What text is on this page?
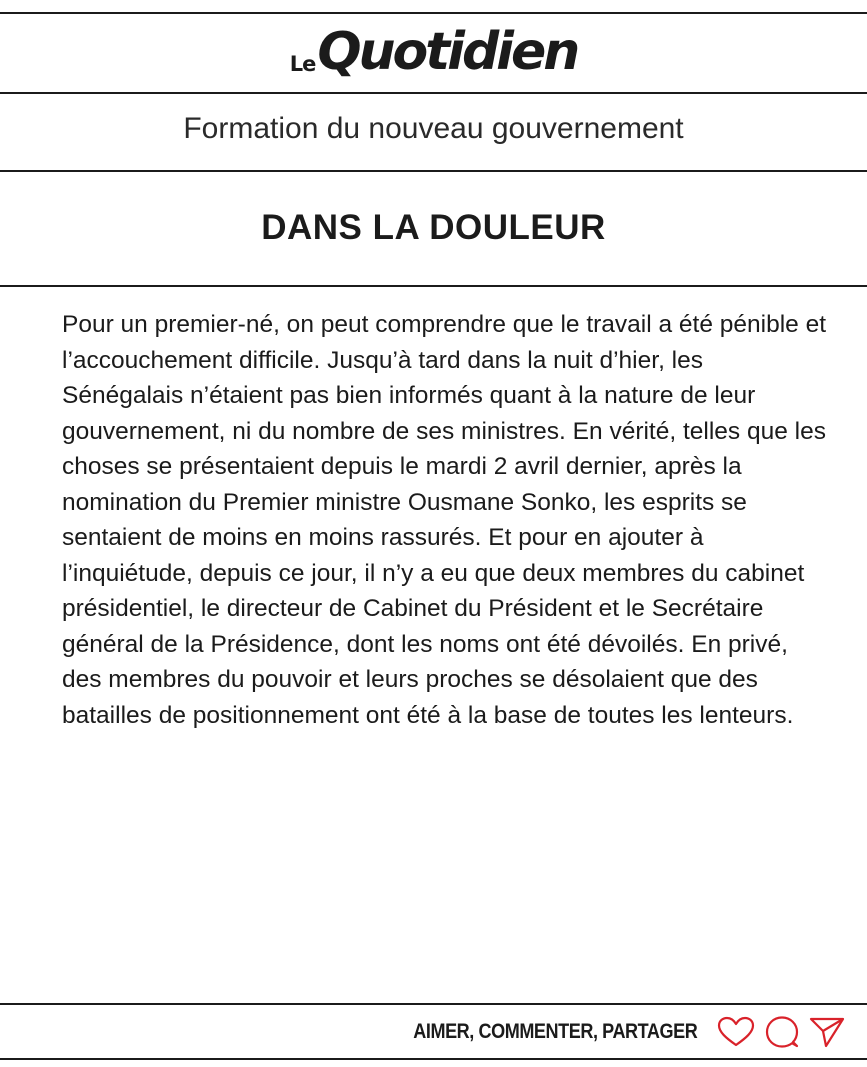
Le Quotidien
Formation du nouveau gouvernement
DANS LA DOULEUR

Pour un premier-né, on peut comprendre que le travail a été pénible et l’accouchement difficile. Jusqu’à tard dans la nuit d’hier, les Sénégalais n’étaient pas bien informés quant à la nature de leur gouvernement, ni du nombre de ses ministres. En vérité, telles que les choses se présentaient depuis le mardi 2 avril dernier, après la nomination du Premier ministre Ousmane Sonko, les esprits se sentaient de moins en moins rassurés. Et pour en ajouter à l’inquiétude, depuis ce jour, il n’y a eu que deux membres du cabinet présidentiel, le directeur de Cabinet du Président et le Secrétaire général de la Présidence, dont les noms ont été dévoilés. En privé, des membres du pouvoir et leurs proches se désolaient que des batailles de positionnement ont été à la base de toutes les lenteurs.

AIMER, COMMENTER, PARTAGER
